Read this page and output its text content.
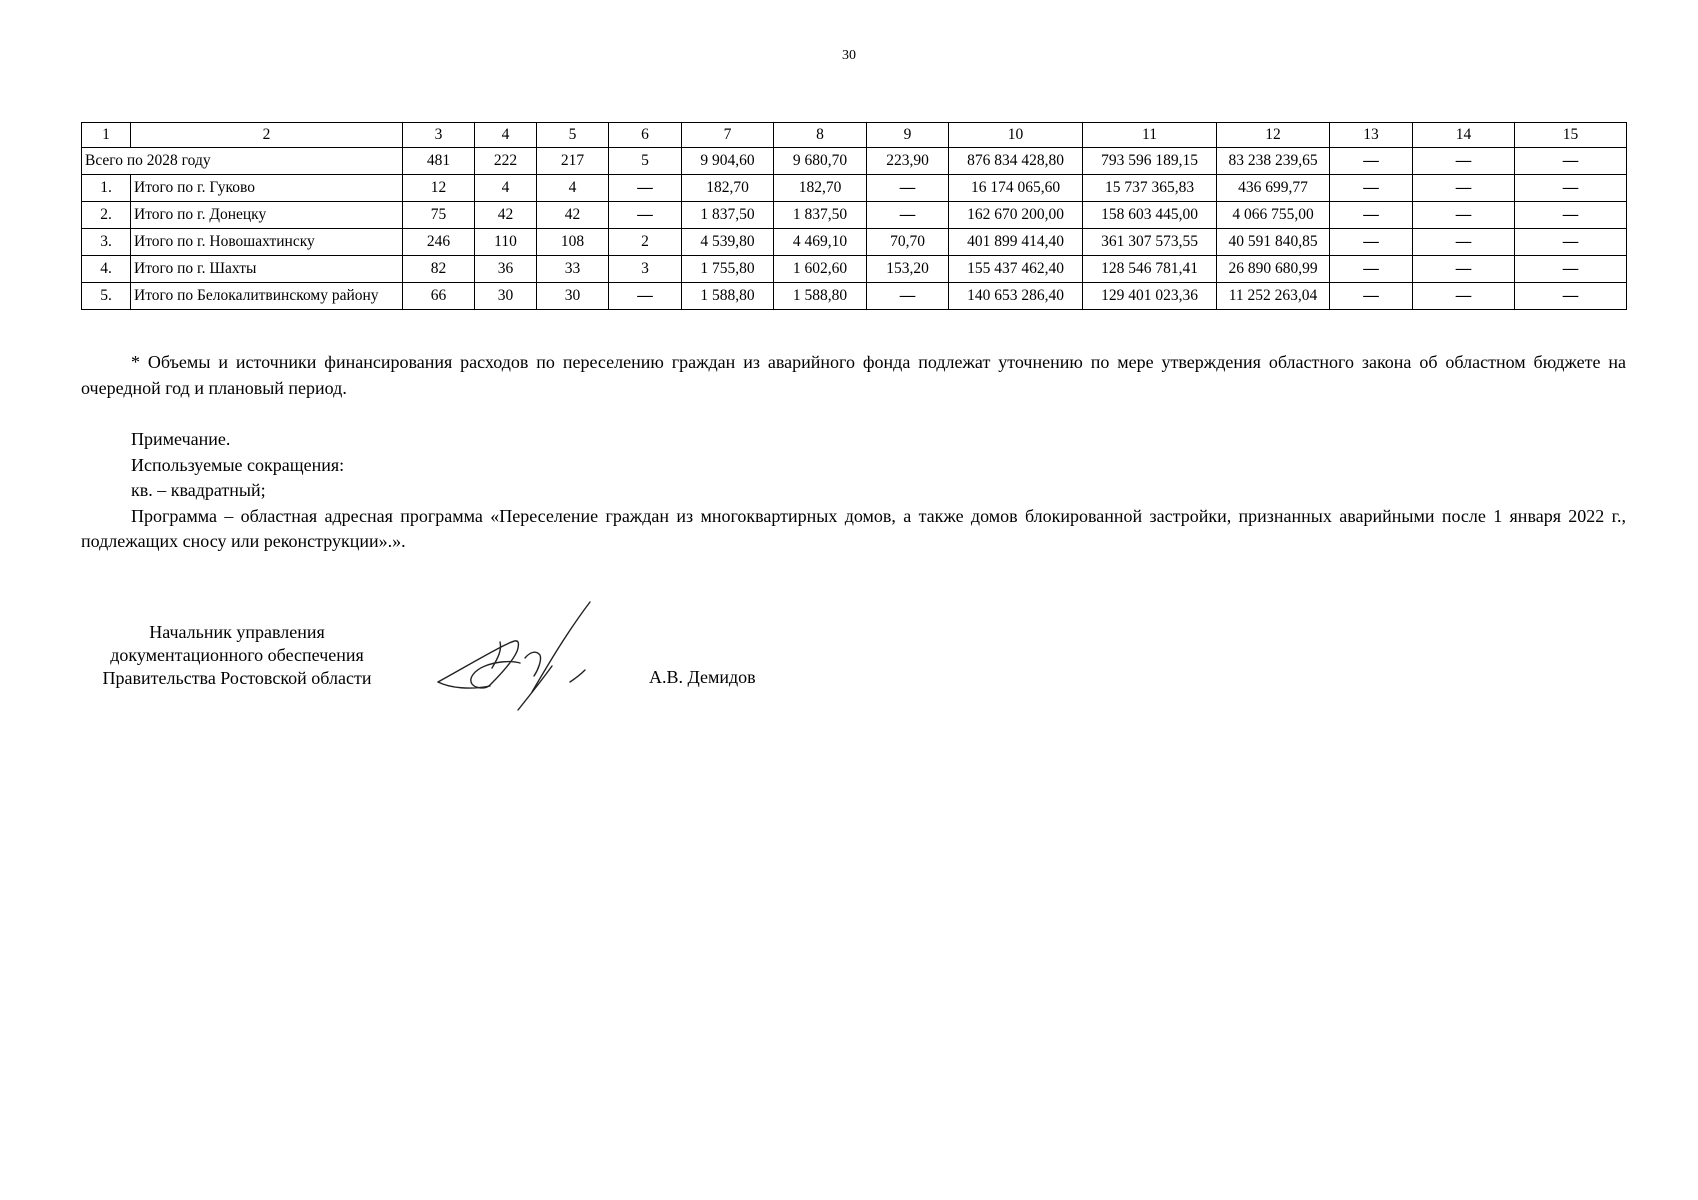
30
1	2	3	4	5	6	7	8	9	10	11	12	13	14	15
Всего по 2028 году		481	222	217	5	9 904,60	9 680,70	223,90	876 834 428,80	793 596 189,15	83 238 239,65	—	—	—
1.	Итого по г. Гуково	12	4	4	—	182,70	182,70	—	16 174 065,60	15 737 365,83	436 699,77	—	—	—
2.	Итого по г. Донецку	75	42	42	—	1 837,50	1 837,50	—	162 670 200,00	158 603 445,00	4 066 755,00	—	—	—
3.	Итого по г. Новошахтинску	246	110	108	2	4 539,80	4 469,10	70,70	401 899 414,40	361 307 573,55	40 591 840,85	—	—	—
4.	Итого по г. Шахты	82	36	33	3	1 755,80	1 602,60	153,20	155 437 462,40	128 546 781,41	26 890 680,99	—	—	—
5.	Итого по Белокалитвинскому району	66	30	30	—	1 588,80	1 588,80	—	140 653 286,40	129 401 023,36	11 252 263,04	—	—	—
* Объемы и источники финансирования расходов по переселению граждан из аварийного фонда подлежат уточнению по мере утверждения областного закона об областном бюджете на очередной год и плановый период.
Примечание.
Используемые сокращения:
кв. – квадратный;
Программа – областная адресная программа «Переселение граждан из многоквартирных домов, а также домов блокированной застройки, признанных аварийными после 1 января 2022 г., подлежащих сносу или реконструкции».».
Начальник управления
документационного обеспечения
Правительства Ростовской области	А.В. Демидов
